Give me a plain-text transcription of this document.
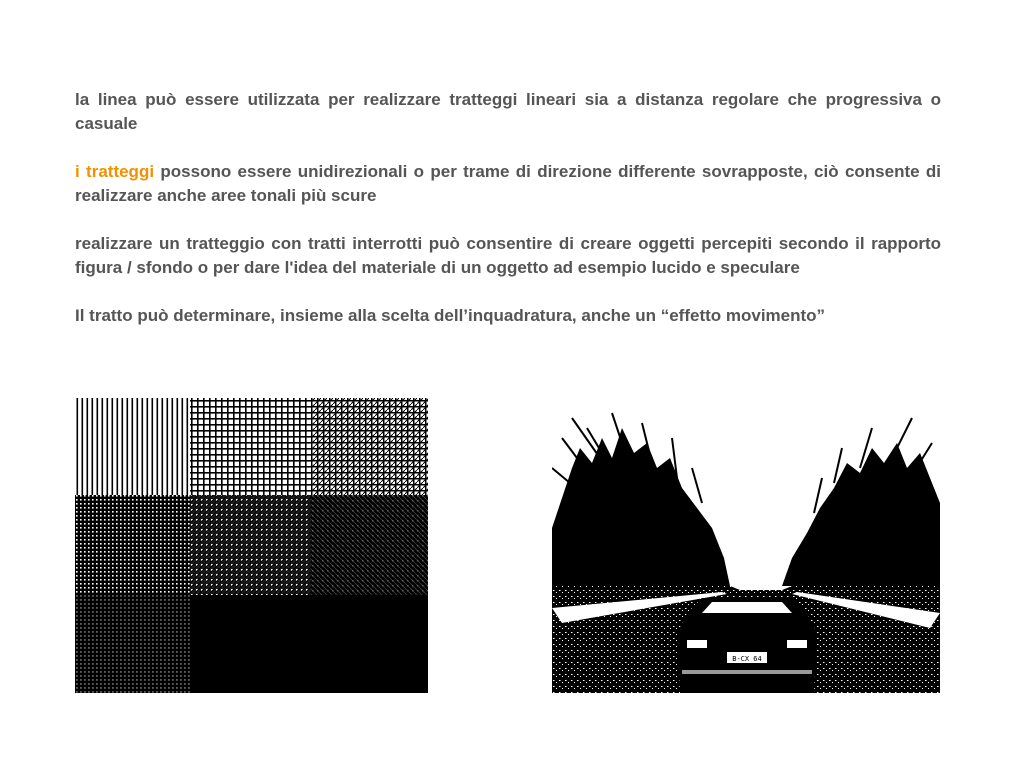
la linea può essere utilizzata per realizzare tratteggi lineari sia a distanza regolare che progressiva o casuale

i tratteggi possono essere unidirezionali o per trame di direzione differente sovrapposte, ciò consente di realizzare anche aree tonali più scure

realizzare un tratteggio con tratti interrotti può consentire di creare oggetti percepiti secondo il rapporto figura / sfondo o per dare l'idea del materiale di un oggetto ad esempio lucido e speculare

Il tratto può determinare, insieme alla scelta dell’inquadratura, anche un “effetto movimento”

B-CX 64
